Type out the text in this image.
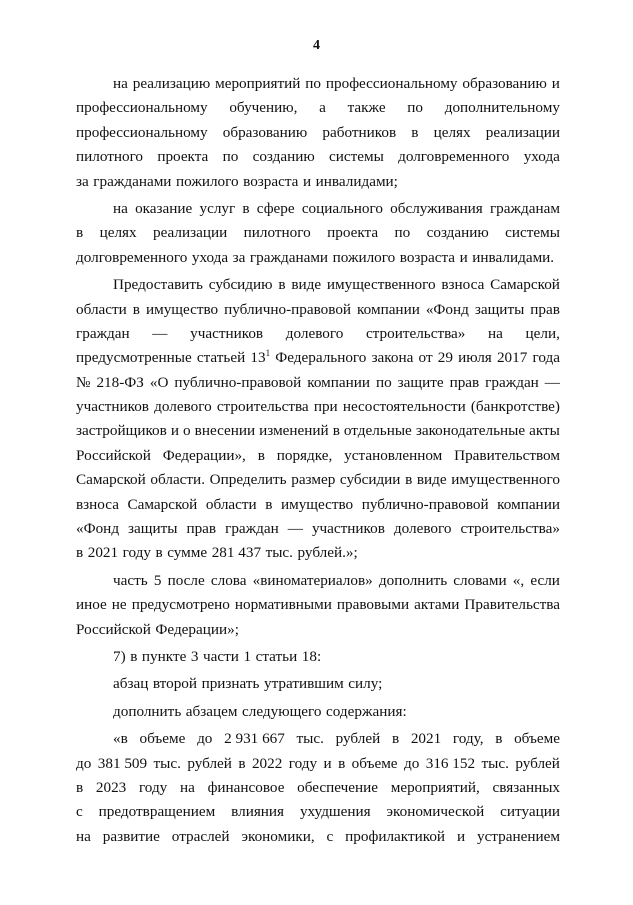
4
на реализацию мероприятий по профессиональному образованию и
профессиональному обучению, а также по дополнительному
профессиональному образованию работников в целях реализации
пилотного проекта по созданию системы долговременного ухода
за гражданами пожилого возраста и инвалидами;
на оказание услуг в сфере социального обслуживания гражданам
в целях реализации пилотного проекта по созданию системы
долговременного ухода за гражданами пожилого возраста и инвалидами.
Предоставить субсидию в виде имущественного взноса Самарской
области в имущество публично-правовой компании «Фонд защиты прав
граждан — участников долевого строительства» на цели,
предусмотренные статьей $13^1$ Федерального закона от 29 июля 2017 года
№ 218-ФЗ «О публично-правовой компании по защите прав граждан —
участников долевого строительства при несостоятельности (банкротстве)
застройщиков и о внесении изменений в отдельные законодательные акты
Российской Федерации», в порядке, установленном Правительством
Самарской области. Определить размер субсидии в виде имущественного
взноса Самарской области в имущество публично-правовой компании
«Фонд защиты прав граждан — участников долевого строительства»
в 2021 году в сумме 281 437 тыс. рублей.»;
часть 5 после слова «виноматериалов» дополнить словами «, если
иное не предусмотрено нормативными правовыми актами Правительства
Российской Федерации»;
7) в пункте 3 части 1 статьи 18:
абзац второй признать утратившим силу;
дополнить абзацем следующего содержания:
«в объеме до 2 931 667 тыс. рублей в 2021 году, в объеме
до 381 509 тыс. рублей в 2022 году и в объеме до 316 152 тыс. рублей
в 2023 году на финансовое обеспечение мероприятий, связанных
с предотвращением влияния ухудшения экономической ситуации
на развитие отраслей экономики, с профилактикой и устранением
